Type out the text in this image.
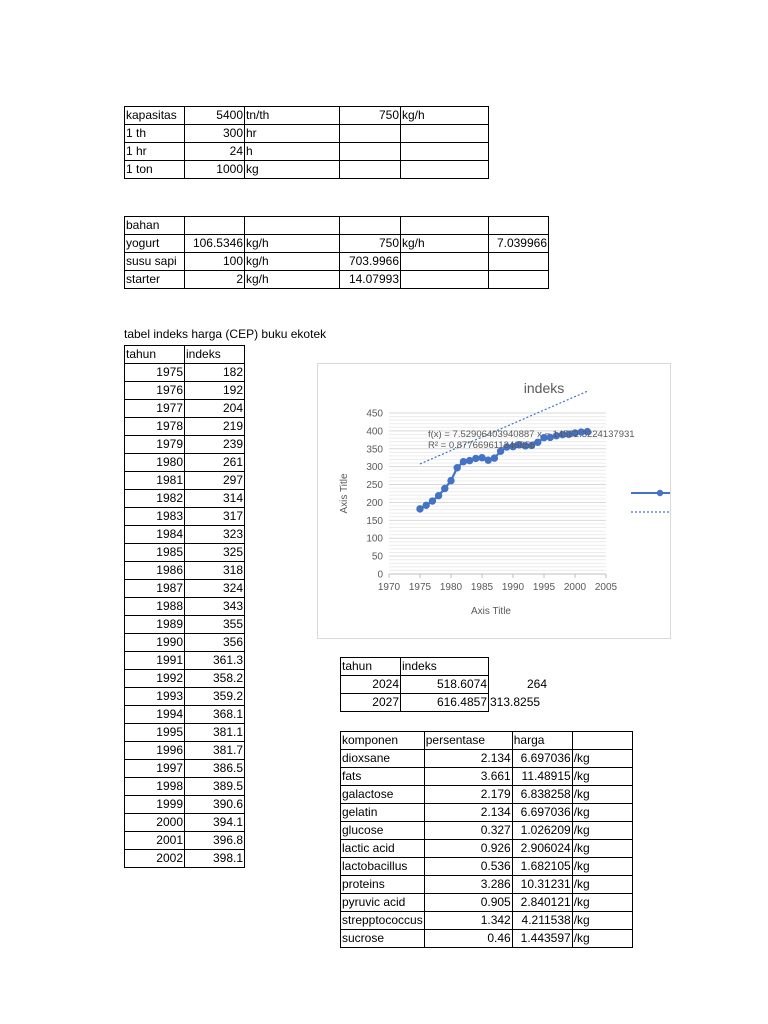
kapasitas	5400	tn/th	750	kg/h
1 th	300	hr		
1 hr	24	h		
1 ton	1000	kg		
bahan					
yogurt	106.5346	kg/h	750	kg/h	7.039966
susu sapi	100	kg/h	703.9966		
starter	2	kg/h	14.07993		
tabel indeks harga (CEP) buku ekotek
tahun	indeks
1975	182
1976	192
1977	204
1978	219
1979	239
1980	261
1981	297
1982	314
1983	317
1984	323
1985	325
1986	318
1987	324
1988	343
1989	355
1990	356
1991	361.3
1992	358.2
1993	359.2
1994	368.1
1995	381.1
1996	381.7
1997	386.5
1998	389.5
1999	390.6
2000	394.1
2001	396.8
2002	398.1
tahun	indeks	
2024	518.6074	264
2027	616.4857	313.8255
komponen	persentase	harga	
dioxsane	2.134	6.697036	/kg
fats	3.661	11.48915	/kg
galactose	2.179	6.838258	/kg
gelatin	2.134	6.697036	/kg
glucose	0.327	1.026209	/kg
lactic acid	0.926	2.906024	/kg
lactobacillus	0.536	1.682105	/kg
proteins	3.286	10.31231	/kg
pyruvic acid	0.905	2.840121	/kg
strepptococcus	1.342	4.211538	/kg
sucrose	0.46	1.443597	/kg
0
50
100
150
200
250
300
350
400
450
1970 1975 1980 1985 1990 1995 2000 2005
indeks
Axis Title
Axis Title
f(x) = 7.52906403940887 x − 14562.3224137931
R² = 0.877669611346856
